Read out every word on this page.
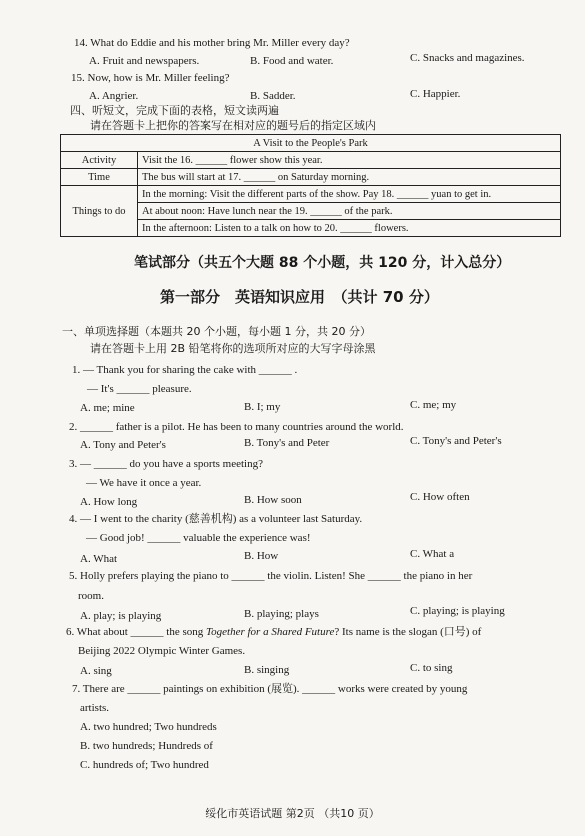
14. What do Eddie and his mother bring Mr. Miller every day?
A. Fruit and newspapers.	B. Food and water.	C. Snacks and magazines.
15. Now, how is Mr. Miller feeling?
A. Angrier.	B. Sadder.	C. Happier.
四、听短文，完成下面的表格，短文读两遍
请在答题卡上把你的答案写在相对应的题号后的指定区域内
A Visit to the People's Park	
Activity	Visit the 16. ______ flower show this year.
Time	The bus will start at 17. ______ on Saturday morning.
Things to do	In the morning: Visit the different parts of the show. Pay 18. ______ yuan to get in.
	At about noon: Have lunch near the 19. ______ of the park.
	In the afternoon: Listen to a talk on how to 20. ______ flowers.
笔试部分（共五个大题 88 个小题，共 120 分，计入总分）
第一部分　英语知识应用　（共计 70 分）
一、单项选择题（本题共 20 个小题，每小题 1 分，共 20 分）
请在答题卡上用 2B 铅笔将你的选项所对应的大写字母涂黑
1. — Thank you for sharing the cake with ______ .
— It's ______ pleasure.
A. me; mine	B. I; my	C. me; my
2. ______ father is a pilot. He has been to many countries around the world.
A. Tony and Peter's	B. Tony's and Peter	C. Tony's and Peter's
3. — ______ do you have a sports meeting?
— We have it once a year.
A. How long	B. How soon	C. How often
4. — I went to the charity (慈善机构) as a volunteer last Saturday.
— Good job! ______ valuable the experience was!
A. What	B. How	C. What a
5. Holly prefers playing the piano to ______ the violin. Listen! She ______ the piano in her
room.
A. play; is playing	B. playing; plays	C. playing; is playing
6. What about ______ the song Together for a Shared Future? Its name is the slogan (口号) of
Beijing 2022 Olympic Winter Games.
A. sing	B. singing	C. to sing
7. There are ______ paintings on exhibition (展览). ______ works were created by young
artists.
A. two hundred; Two hundreds
B. two hundreds; Hundreds of
C. hundreds of; Two hundred
绥化市英语试题 第2页 （共10 页）
